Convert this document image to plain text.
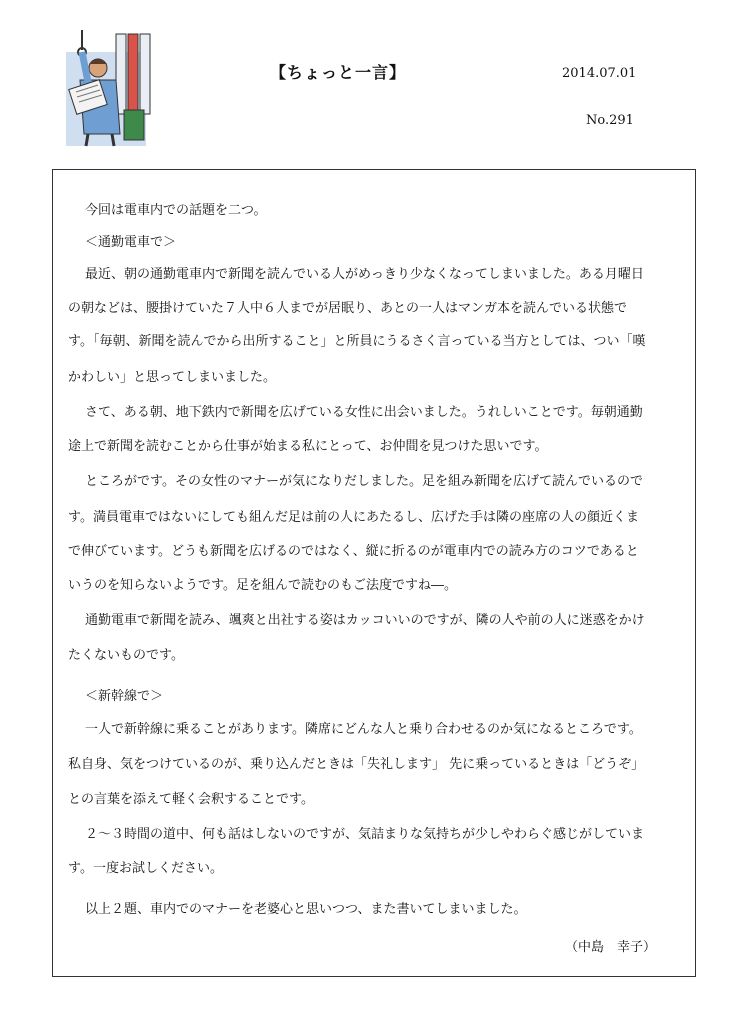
【ちょっと一言】	2014.07.01
No.291
今回は電車内での話題を二つ。
＜通勤電車で＞
最近、朝の通勤電車内で新聞を読んでいる人がめっきり少なくなってしまいました。ある月曜日
の朝などは、腰掛けていた７人中６人までが居眠り、あとの一人はマンガ本を読んでいる状態で
す。「毎朝、新聞を読んでから出所すること」と所員にうるさく言っている当方としては、つい「嘆
かわしい」と思ってしまいました。
さて、ある朝、地下鉄内で新聞を広げている女性に出会いました。うれしいことです。毎朝通勤
途上で新聞を読むことから仕事が始まる私にとって、お仲間を見つけた思いです。
ところがです。その女性のマナーが気になりだしました。足を組み新聞を広げて読んでいるので
す。満員電車ではないにしても組んだ足は前の人にあたるし、広げた手は隣の座席の人の顔近くま
で伸びています。どうも新聞を広げるのではなく、縦に折るのが電車内での読み方のコツであると
いうのを知らないようです。足を組んで読むのもご法度ですね―。
通勤電車で新聞を読み、颯爽と出社する姿はカッコいいのですが、隣の人や前の人に迷惑をかけ
たくないものです。
＜新幹線で＞
一人で新幹線に乗ることがあります。隣席にどんな人と乗り合わせるのか気になるところです。
私自身、気をつけているのが、乗り込んだときは「失礼します」 先に乗っているときは「どうぞ」
との言葉を添えて軽く会釈することです。
２～３時間の道中、何も話はしないのですが、気詰まりな気持ちが少しやわらぐ感じがしていま
す。一度お試しください。
以上２題、車内でのマナーを老婆心と思いつつ、また書いてしまいました。
（中島　幸子）
